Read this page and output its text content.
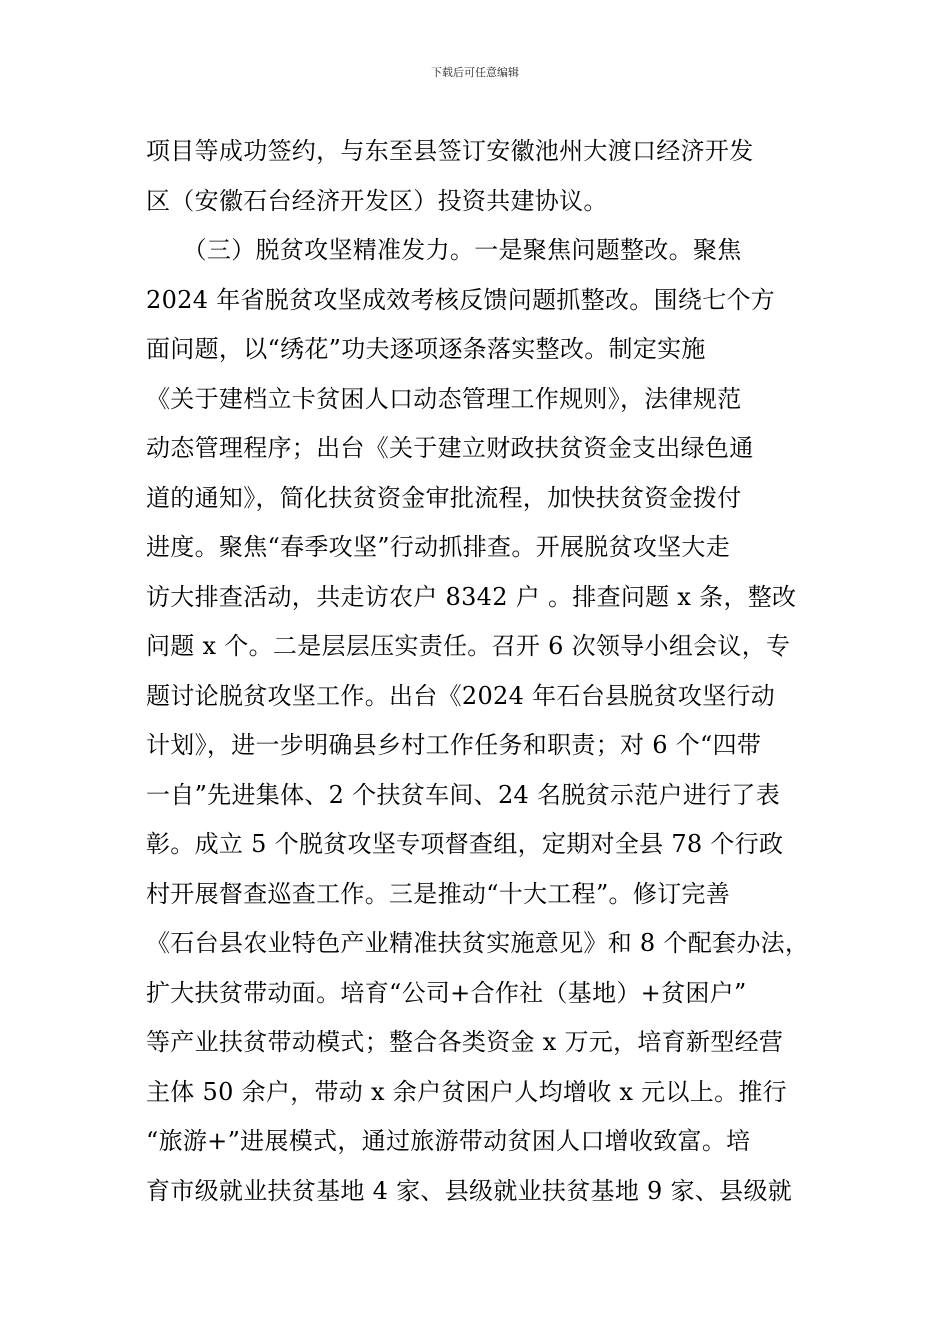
下载后可任意编辑
项目等成功签约，与东至县签订安徽池州大渡口经济开发
区（安徽石台经济开发区）投资共建协议。
　　（三）脱贫攻坚精准发力。一是聚焦问题整改。聚焦
2024 年省脱贫攻坚成效考核反馈问题抓整改。围绕七个方
面问题，以“绣花”功夫逐项逐条落实整改。制定实施
《关于建档立卡贫困人口动态管理工作规则》，法律规范
动态管理程序；出台《关于建立财政扶贫资金支出绿色通
道的通知》，简化扶贫资金审批流程，加快扶贫资金拨付
进度。聚焦“春季攻坚”行动抓排查。开展脱贫攻坚大走
访大排查活动，共走访农户 8342 户 。排查问题 x 条，整改
问题 x 个。二是层层压实责任。召开 6 次领导小组会议，专
题讨论脱贫攻坚工作。出台《2024 年石台县脱贫攻坚行动
计划》，进一步明确县乡村工作任务和职责；对 6 个“四带
一自”先进集体、2 个扶贫车间、24 名脱贫示范户进行了表
彰。成立 5 个脱贫攻坚专项督查组，定期对全县 78 个行政
村开展督查巡查工作。三是推动“十大工程”。修订完善
《石台县农业特色产业精准扶贫实施意见》和 8 个配套办法，
扩大扶贫带动面。培育“公司+合作社（基地）+贫困户”
等产业扶贫带动模式；整合各类资金 x 万元，培育新型经营
主体 50 余户，带动 x 余户贫困户人均增收 x 元以上。推行
“旅游+”进展模式，通过旅游带动贫困人口增收致富。培
育市级就业扶贫基地 4 家、县级就业扶贫基地 9 家、县级就
